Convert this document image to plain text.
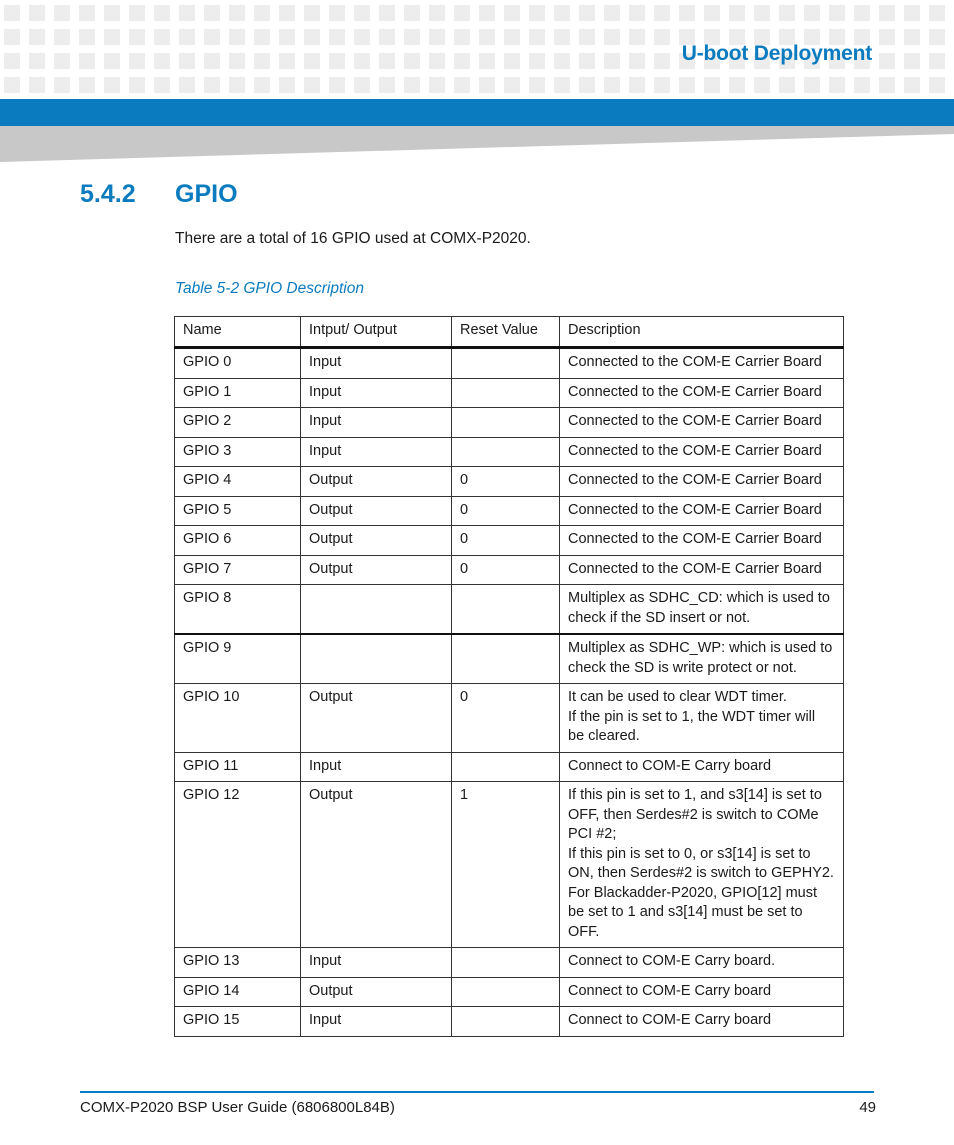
U-boot Deployment
5.4.2 GPIO
There are a total of 16 GPIO used at COMX-P2020.
Table 5-2 GPIO Description
Name	Intput/ Output	Reset Value	Description
GPIO 0	Input		Connected to the COM-E Carrier Board

GPIO 1	Input		Connected to the COM-E Carrier Board

GPIO 2	Input		Connected to the COM-E Carrier Board

GPIO 3	Input		Connected to the COM-E Carrier Board

GPIO 4	Output	0	Connected to the COM-E Carrier Board

GPIO 5	Output	0	Connected to the COM-E Carrier Board

GPIO 6	Output	0	Connected to the COM-E Carrier Board

GPIO 7	Output	0	Connected to the COM-E Carrier Board

GPIO 8			Multiplex as SDHC_CD: which is used to check if the SD insert or not.

GPIO 9			Multiplex as SDHC_WP: which is used to check the SD is write protect or not.

GPIO 10	Output	0	It can be used to clear WDT timer.
If the pin is set to 1, the WDT timer will be cleared.

GPIO 11	Input		Connect to COM-E Carry board

GPIO 12	Output	1	If this pin is set to 1, and s3[14] is set to OFF, then Serdes#2 is switch to COMe PCI #2;
If this pin is set to 0, or s3[14] is set to ON, then Serdes#2 is switch to GEPHY2.
For Blackadder-P2020, GPIO[12] must be set to 1 and s3[14] must be set to OFF.

GPIO 13	Input		Connect to COM-E Carry board.

GPIO 14	Output		Connect to COM-E Carry board

GPIO 15	Input		Connect to COM-E Carry board
COMX-P2020 BSP User Guide (6806800L84B)	49
